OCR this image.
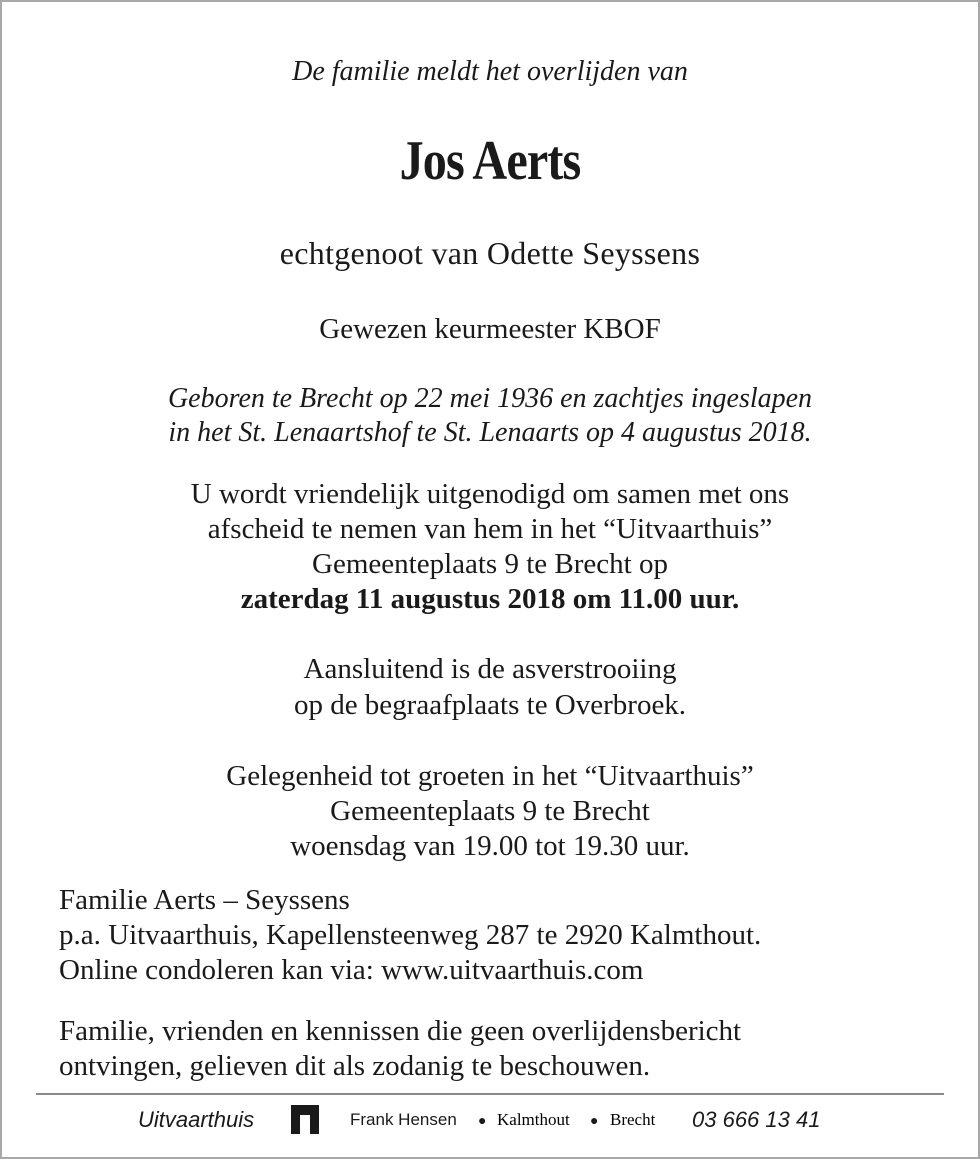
De familie meldt het overlijden van
Jos Aerts
echtgenoot van Odette Seyssens
Gewezen keurmeester KBOF
Geboren te Brecht op 22 mei 1936 en zachtjes ingeslapen
in het St. Lenaartshof te St. Lenaarts op 4 augustus 2018.
U wordt vriendelijk uitgenodigd om samen met ons
afscheid te nemen van hem in het “Uitvaarthuis”
Gemeenteplaats 9 te Brecht op
zaterdag 11 augustus 2018 om 11.00 uur.
Aansluitend is de asverstrooiing
op de begraafplaats te Overbroek.
Gelegenheid tot groeten in het “Uitvaarthuis”
Gemeenteplaats 9 te Brecht
woensdag van 19.00 tot 19.30 uur.
Familie Aerts – Seyssens
p.a. Uitvaarthuis, Kapellensteenweg 287 te 2920 Kalmthout.
Online condoleren kan via: www.uitvaarthuis.com
Familie, vrienden en kennissen die geen overlijdensbericht
ontvingen, gelieven dit als zodanig te beschouwen.
Uitvaarthuis	Frank Hensen ● Kalmthout ● Brecht 03 666 13 41
